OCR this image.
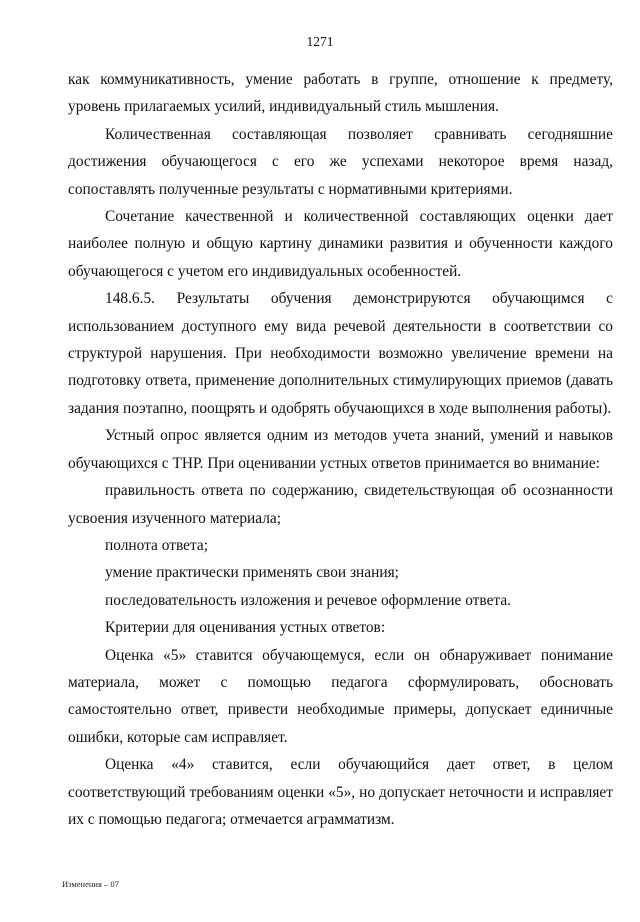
1271

как коммуникативность, умение работать в группе, отношение к предмету, уровень прилагаемых усилий, индивидуальный стиль мышления.

Количественная составляющая позволяет сравнивать сегодняшние достижения обучающегося с его же успехами некоторое время назад, сопоставлять полученные результаты с нормативными критериями.

Сочетание качественной и количественной составляющих оценки дает наиболее полную и общую картину динамики развития и обученности каждого обучающегося с учетом его индивидуальных особенностей.

148.6.5. Результаты обучения демонстрируются обучающимся с использованием доступного ему вида речевой деятельности в соответствии со структурой нарушения. При необходимости возможно увеличение времени на подготовку ответа, применение дополнительных стимулирующих приемов (давать задания поэтапно, поощрять и одобрять обучающихся в ходе выполнения работы).

Устный опрос является одним из методов учета знаний, умений и навыков обучающихся с ТНР. При оценивании устных ответов принимается во внимание:

правильность ответа по содержанию, свидетельствующая об осознанности усвоения изученного материала;

полнота ответа;

умение практически применять свои знания;

последовательность изложения и речевое оформление ответа.

Критерии для оценивания устных ответов:

Оценка «5» ставится обучающемуся, если он обнаруживает понимание материала, может с помощью педагога сформулировать, обосновать самостоятельно ответ, привести необходимые примеры, допускает единичные ошибки, которые сам исправляет.

Оценка «4» ставится, если обучающийся дает ответ, в целом соответствующий требованиям оценки «5», но допускает неточности и исправляет их с помощью педагога; отмечается аграмматизм.

Изменения – 07
